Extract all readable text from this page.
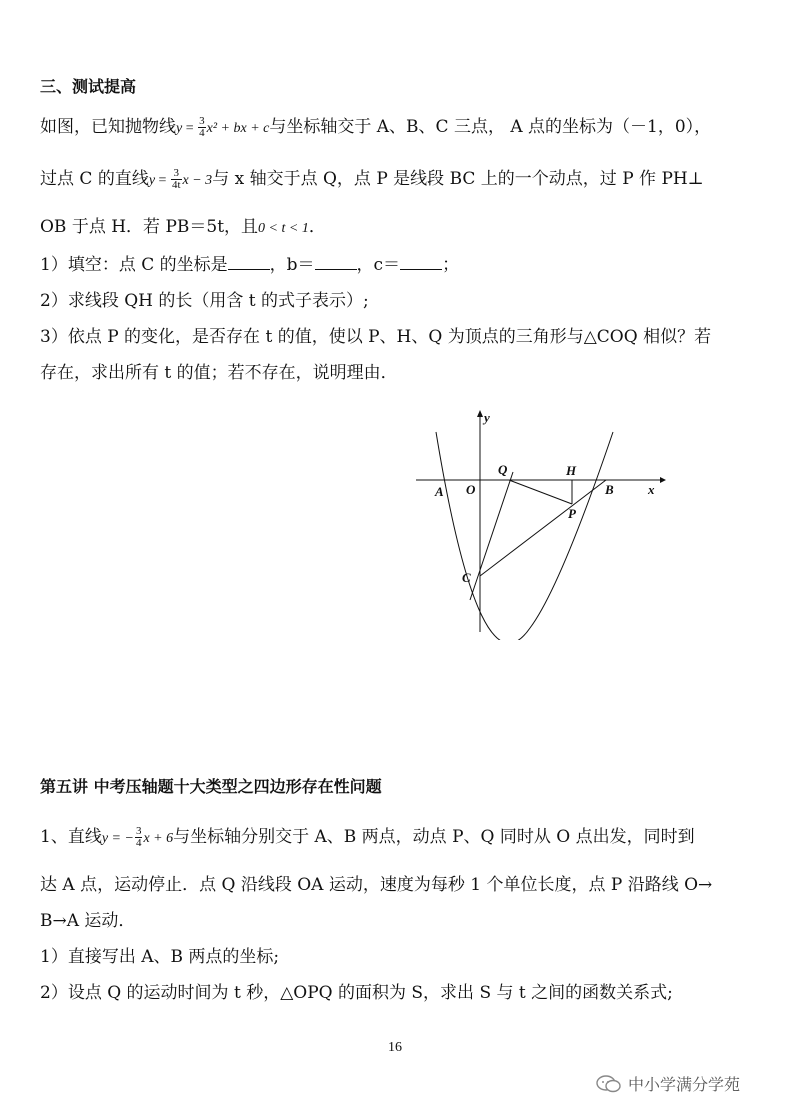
三、测试提高
如图，已知抛物线$y = \frac{3}{4} x^2$ + bx + c与坐标轴交于 A、B、C 三点， A 点的坐标为（－1，0），
过点 C 的直线$y = \frac{3}{4t}$ x − 3与 x 轴交于点 Q，点 P 是线段 BC 上的一个动点，过 P 作 PH⊥
OB 于点 H．若 PB＝5t，且0 < t < 1．
1）填空：点 C 的坐标是 ，b＝ ，c＝ ；
2）求线段 QH 的长（用含 t 的式子表示）;
3）依点 P 的变化，是否存在 t 的值，使以 P、H、Q 为顶点的三角形与△COQ 相似？若
存在，求出所有 t 的值；若不存在，说明理由．
y
x
O
A	B
C
Q	H
P
第五讲 中考压轴题十大类型之四边形存在性问题
1、直线y = − $\frac{3}{4}$ x + 6与坐标轴分别交于 A、B 两点，动点 P、Q 同时从 O 点出发，同时到
达 A 点，运动停止．点 Q 沿线段 OA 运动，速度为每秒 1 个单位长度，点 P 沿路线 O→
B→A 运动．
1）直接写出 A、B 两点的坐标;
2）设点 Q 的运动时间为 t 秒，△OPQ 的面积为 S，求出 S 与 t 之间的函数关系式;
16
中小学满分学苑
